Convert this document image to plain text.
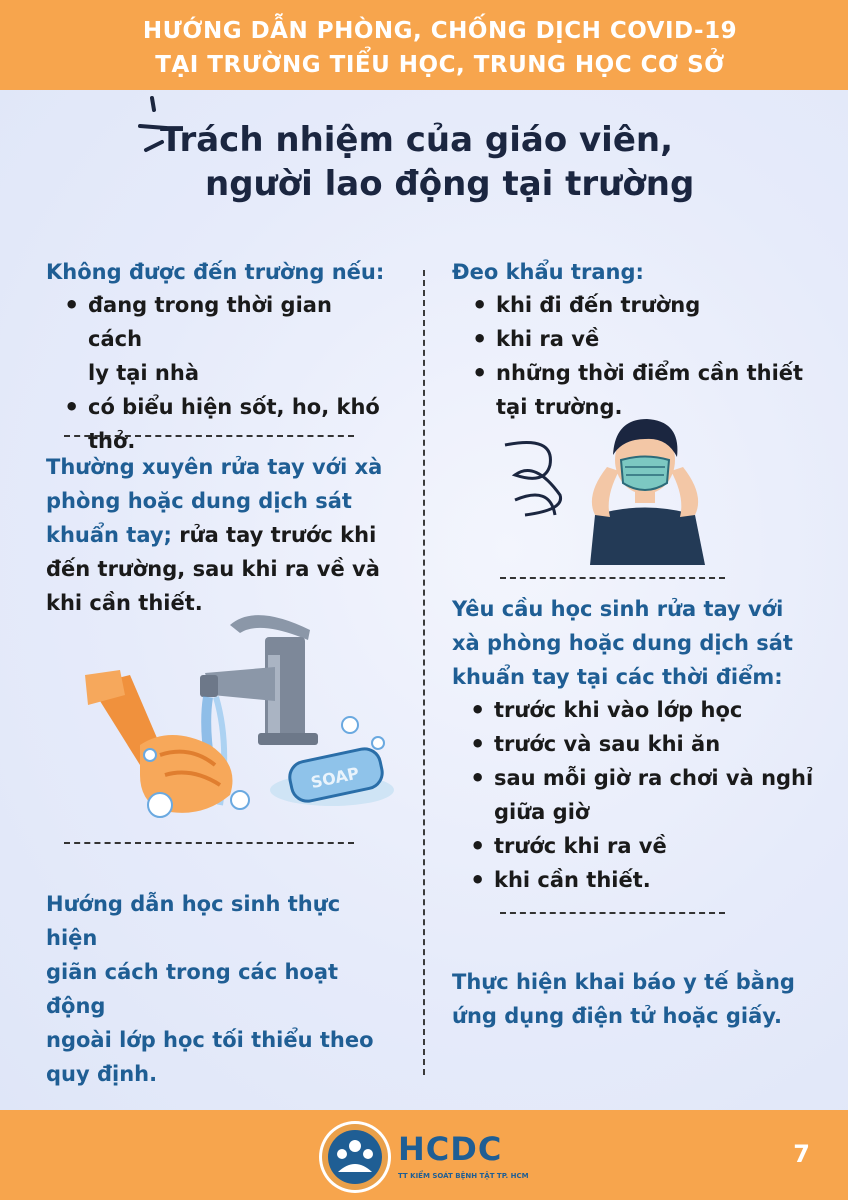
HƯỚNG DẪN PHÒNG, CHỐNG DỊCH COVID-19
TẠI TRƯỜNG TIỂU HỌC, TRUNG HỌC CƠ SỞ
Trách nhiệm của giáo viên,
người lao động tại trường
Không được đến trường nếu:
• đang trong thời gian cách
ly tại nhà
• có biểu hiện sốt, ho, khó
thở.
Thường xuyên rửa tay với xà
phòng hoặc dung dịch sát
khuẩn tay; rửa tay trước khi
đến trường, sau khi ra về và
khi cần thiết.
SOAP
Hướng dẫn học sinh thực hiện
giãn cách trong các hoạt động
ngoài lớp học tối thiểu theo
quy định.
Đeo khẩu trang:
• khi đi đến trường
• khi ra về
• những thời điểm cần thiết
tại trường.
Yêu cầu học sinh rửa tay với
xà phòng hoặc dung dịch sát
khuẩn tay tại các thời điểm:
• trước khi vào lớp học
• trước và sau khi ăn
• sau mỗi giờ ra chơi và nghỉ
giữa giờ
• trước khi ra về
• khi cần thiết.
Thực hiện khai báo y tế bằng
ứng dụng điện tử hoặc giấy.
HCDC
TT KIỂM SOÁT BỆNH TẬT TP. HCM
7
